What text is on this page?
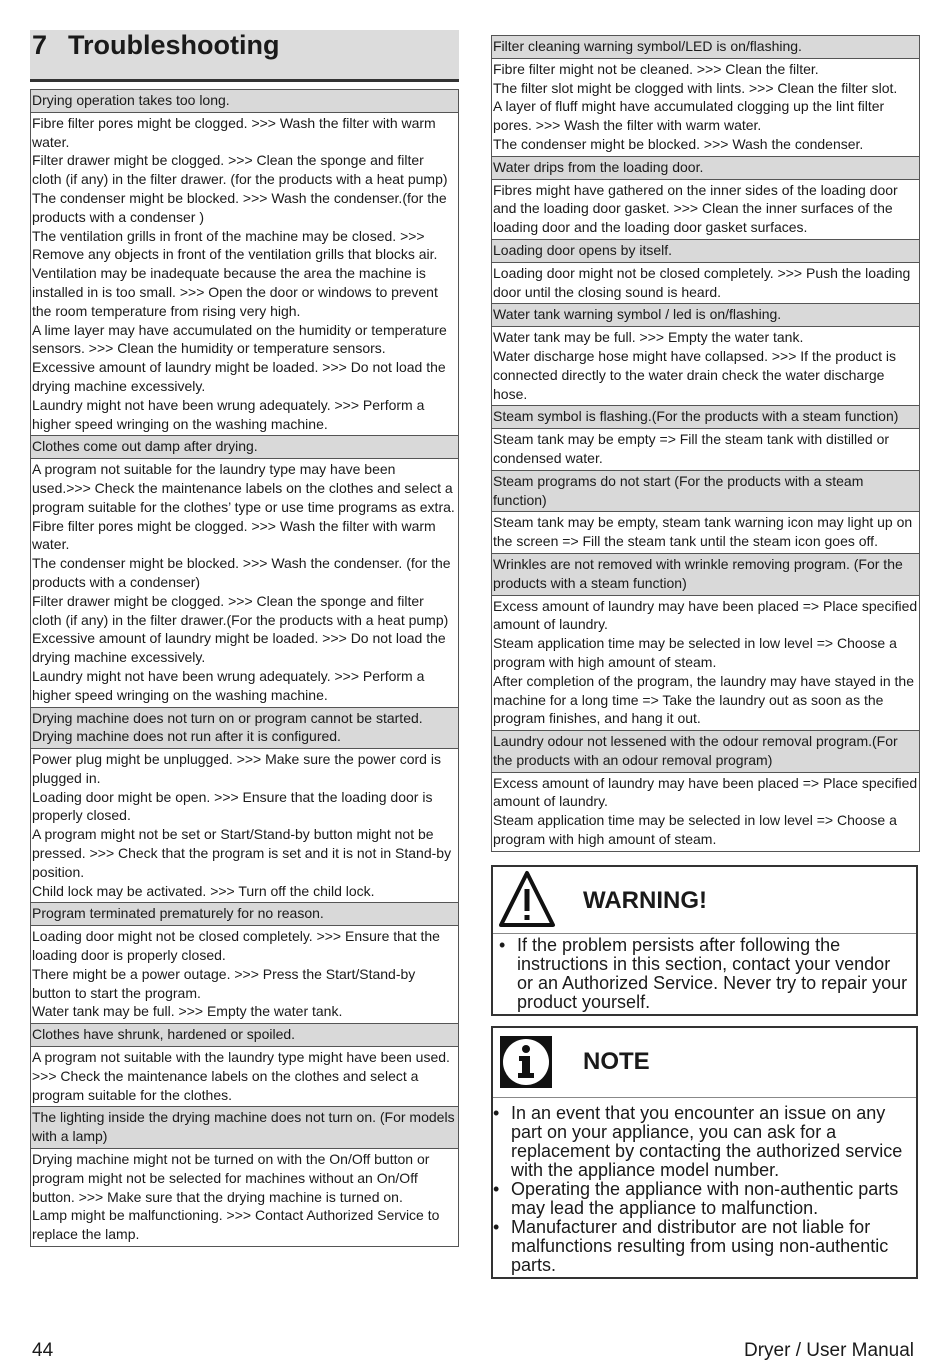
7 Troubleshooting
Drying operation takes too long.

Fibre filter pores might be clogged. >>> Wash the filter with warm water.
Filter drawer might be clogged. >>> Clean the sponge and filter cloth (if any) in the filter drawer. (for the products with a heat pump)
The condenser might be blocked. >>> Wash the condenser.(for the products with a condenser )
The ventilation grills in front of the machine may be closed. >>> Remove any objects in front of the ventilation grills that blocks air.
Ventilation may be inadequate because the area the machine is installed in is too small. >>> Open the door or windows to prevent the room temperature from rising very high.
A lime layer may have accumulated on the humidity or temperature sensors. >>> Clean the humidity or temperature sensors.
Excessive amount of laundry might be loaded. >>> Do not load the drying machine excessively.
Laundry might not have been wrung adequately. >>> Perform a higher speed wringing on the washing machine.

Clothes come out damp after drying.

A program not suitable for the laundry type may have been used.>>> Check the maintenance labels on the clothes and select a program suitable for the clothes’ type or use time programs as extra.
Fibre filter pores might be clogged. >>> Wash the filter with warm water.
The condenser might be blocked. >>> Wash the condenser. (for the products with a condenser)
Filter drawer might be clogged. >>> Clean the sponge and filter cloth (if any) in the filter drawer.(For the products with a heat pump)
Excessive amount of laundry might be loaded. >>> Do not load the drying machine excessively.
Laundry might not have been wrung adequately. >>> Perform a higher speed wringing on the washing machine.

Drying machine does not turn on or program cannot be started. Drying machine does not run after it is configured.

Power plug might be unplugged. >>> Make sure the power cord is plugged in.
Loading door might be open. >>> Ensure that the loading door is properly closed.
A program might not be set or Start/Stand-by button might not be pressed. >>> Check that the program is set and it is not in Stand-by position.
Child lock may be activated. >>> Turn off the child lock.

Program terminated prematurely for no reason.

Loading door might not be closed completely. >>> Ensure that the loading door is properly closed.
There might be a power outage. >>> Press the Start/Stand-by button to start the program.
Water tank may be full. >>> Empty the water tank.

Clothes have shrunk, hardened or spoiled.

A program not suitable with the laundry type might have been used. >>> Check the maintenance labels on the clothes and select a program suitable for the clothes.

The lighting inside the drying machine does not turn on. (For models with a lamp)

Drying machine might not be turned on with the On/Off button or program might not be selected for machines without an On/Off button. >>> Make sure that the drying machine is turned on.
Lamp might be malfunctioning. >>> Contact Authorized Service to replace the lamp.
Filter cleaning warning symbol/LED is on/flashing.

Fibre filter might not be cleaned. >>> Clean the filter.
The filter slot might be clogged with lints. >>> Clean the filter slot.
A layer of fluff might have accumulated clogging up the lint filter pores. >>> Wash the filter with warm water.
The condenser might be blocked. >>> Wash the condenser.

Water drips from the loading door.

Fibres might have gathered on the inner sides of the loading door and the loading door gasket. >>> Clean the inner surfaces of the loading door and the loading door gasket surfaces.

Loading door opens by itself.

Loading door might not be closed completely. >>> Push the loading door until the closing sound is heard.

Water tank warning symbol / led is on/flashing.

Water tank may be full. >>> Empty the water tank.
Water discharge hose might have collapsed. >>> If the product is connected directly to the water drain check the water discharge hose.

Steam symbol is flashing.(For the products with a steam function)

Steam tank may be empty => Fill the steam tank with distilled or condensed water.

Steam programs do not start (For the products with a steam function)

Steam tank may be empty, steam tank warning icon may light up on the screen => Fill the steam tank until the steam icon goes off.

Wrinkles are not removed with wrinkle removing program. (For the products with a steam function)

Excess amount of laundry may have been placed => Place specified amount of laundry.
Steam application time may be selected in low level => Choose a program with high amount of steam.
After completion of the program, the laundry may have stayed in the machine for a long time => Take the laundry out as soon as the program finishes, and hang it out.

Laundry odour not lessened with the odour removal program.(For the products with an odour removal program)

Excess amount of laundry may have been placed => Place specified amount of laundry.
Steam application time may be selected in low level => Choose a program with high amount of steam.
WARNING!
• If the problem persists after following the instructions in this section, contact your vendor or an Authorized Service. Never try to repair your product yourself.
NOTE
• In an event that you encounter an issue on any part on your appliance, you can ask for a replacement by contacting the authorized service with the appliance model number.
• Operating the appliance with non-authentic parts may lead the appliance to malfunction.
• Manufacturer and distributor are not liable for malfunctions resulting from using non-authentic parts.
44	Dryer / User Manual
